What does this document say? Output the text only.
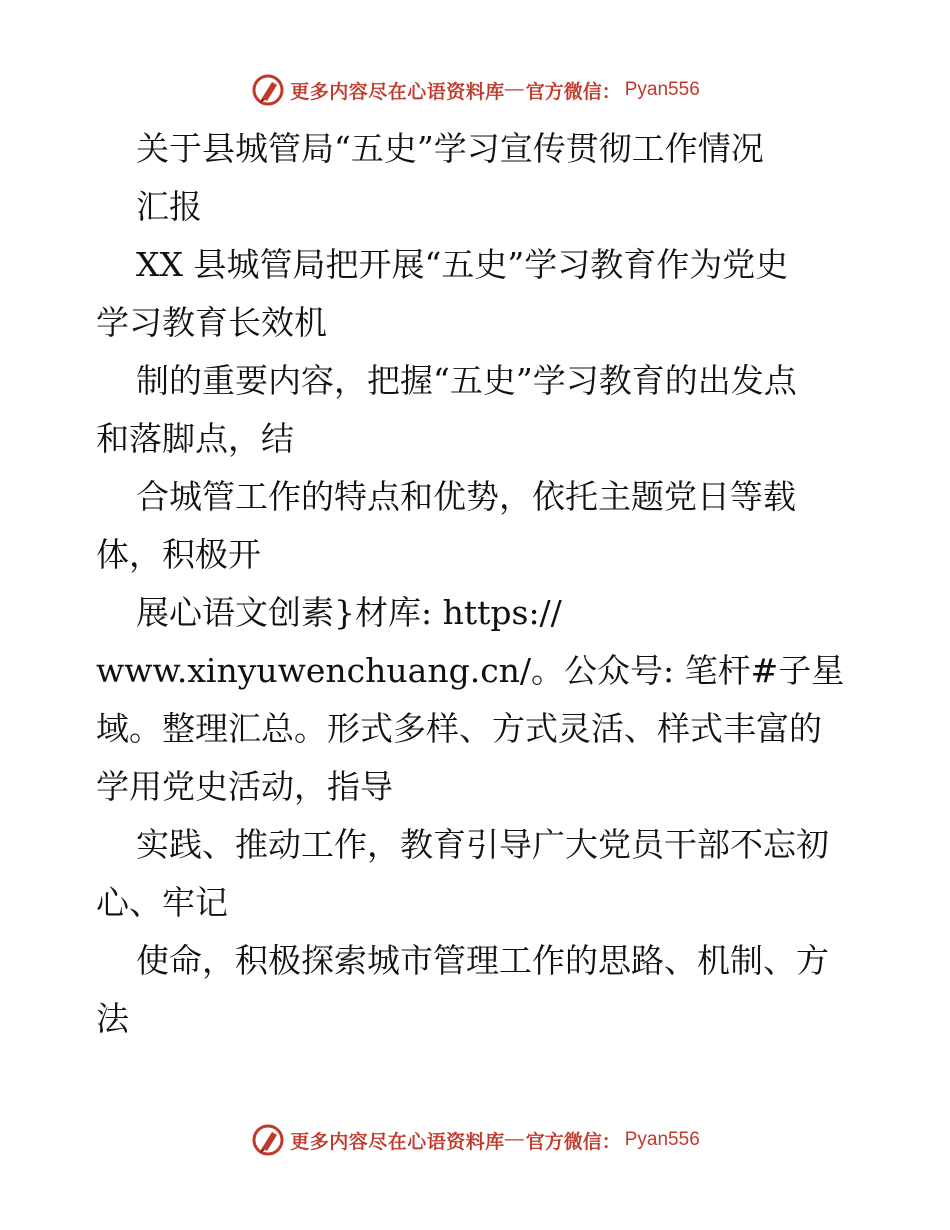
更多内容尽在心语资料库 — 官方微信： Pyan556
关于县城管局“五史”学习宣传贯彻工作情况
汇报
XX 县城管局把开展“五史”学习教育作为党史
学习教育长效机
制的重要内容，把握“五史”学习教育的出发点
和落脚点，结
合城管工作的特点和优势，依托主题党日等载
体，积极开
展心语文创素}材库: https://
www.xinyuwenchuang.cn/。公众号: 笔杆#子星
域。整理汇总。形式多样、方式灵活、样式丰富的
学用党史活动，指导
实践、推动工作，教育引导广大党员干部不忘初
心、牢记
使命，积极探索城市管理工作的思路、机制、方
法
更多内容尽在心语资料库 — 官方微信： Pyan556
